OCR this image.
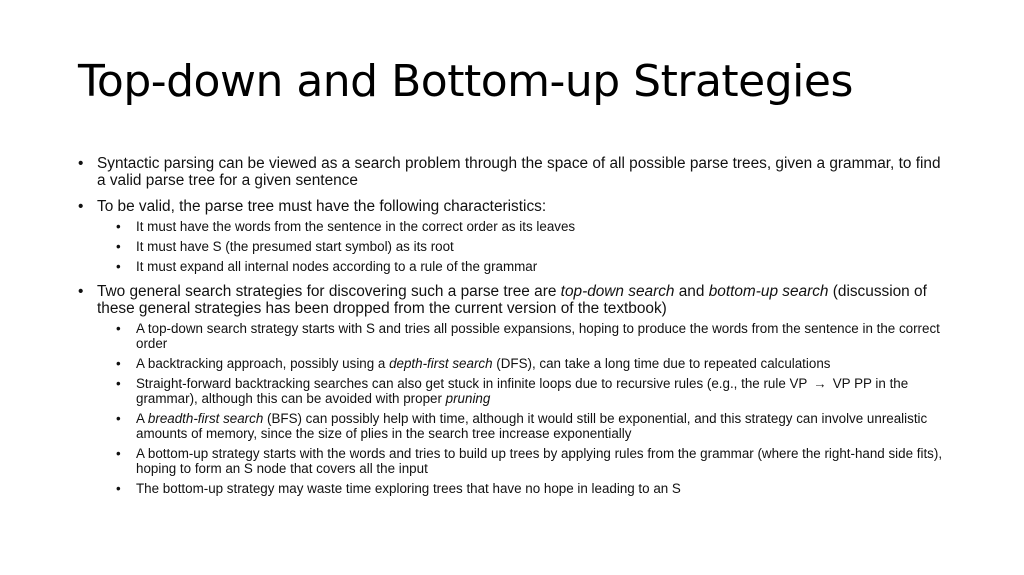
Top-down and Bottom-up Strategies
• Syntactic parsing can be viewed as a search problem through the space of all possible parse trees, given a grammar, to find a valid parse tree for a given sentence
• To be valid, the parse tree must have the following characteristics:
• It must have the words from the sentence in the correct order as its leaves
• It must have S (the presumed start symbol) as its root
• It must expand all internal nodes according to a rule of the grammar
• Two general search strategies for discovering such a parse tree are top-down search and bottom-up search (discussion of these general strategies has been dropped from the current version of the textbook)
• A top-down search strategy starts with S and tries all possible expansions, hoping to produce the words from the sentence in the correct order
• A backtracking approach, possibly using a depth-first search (DFS), can take a long time due to repeated calculations
• Straight-forward backtracking searches can also get stuck in infinite loops due to recursive rules (e.g., the rule VP → VP PP in the grammar), although this can be avoided with proper pruning
• A breadth-first search (BFS) can possibly help with time, although it would still be exponential, and this strategy can involve unrealistic amounts of memory, since the size of plies in the search tree increase exponentially
• A bottom-up strategy starts with the words and tries to build up trees by applying rules from the grammar (where the right-hand side fits), hoping to form an S node that covers all the input
• The bottom-up strategy may waste time exploring trees that have no hope in leading to an S
